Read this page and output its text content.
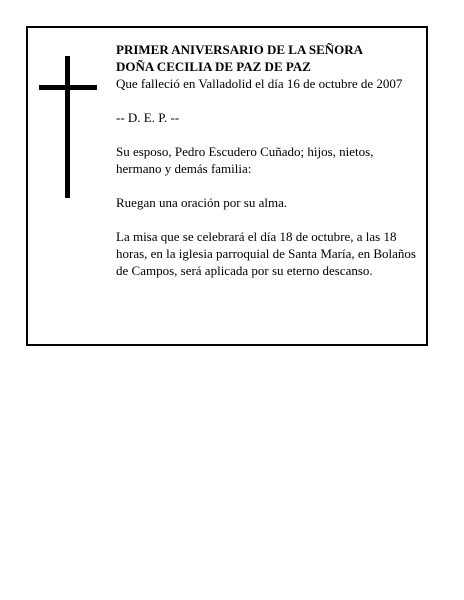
PRIMER ANIVERSARIO DE LA SEÑORA

DOÑA CECILIA DE PAZ DE PAZ

Que falleció en Valladolid el día 16 de octubre de 2007

-- D. E. P. --

Su esposo, Pedro Escudero Cuñado; hijos, nietos, hermano y demás familia:

Ruegan una oración por su alma.

La misa que se celebrará el día 18 de octubre, a las 18 horas, en la iglesia parroquial de Santa María, en Bolaños de Campos, será aplicada por su eterno descanso.
